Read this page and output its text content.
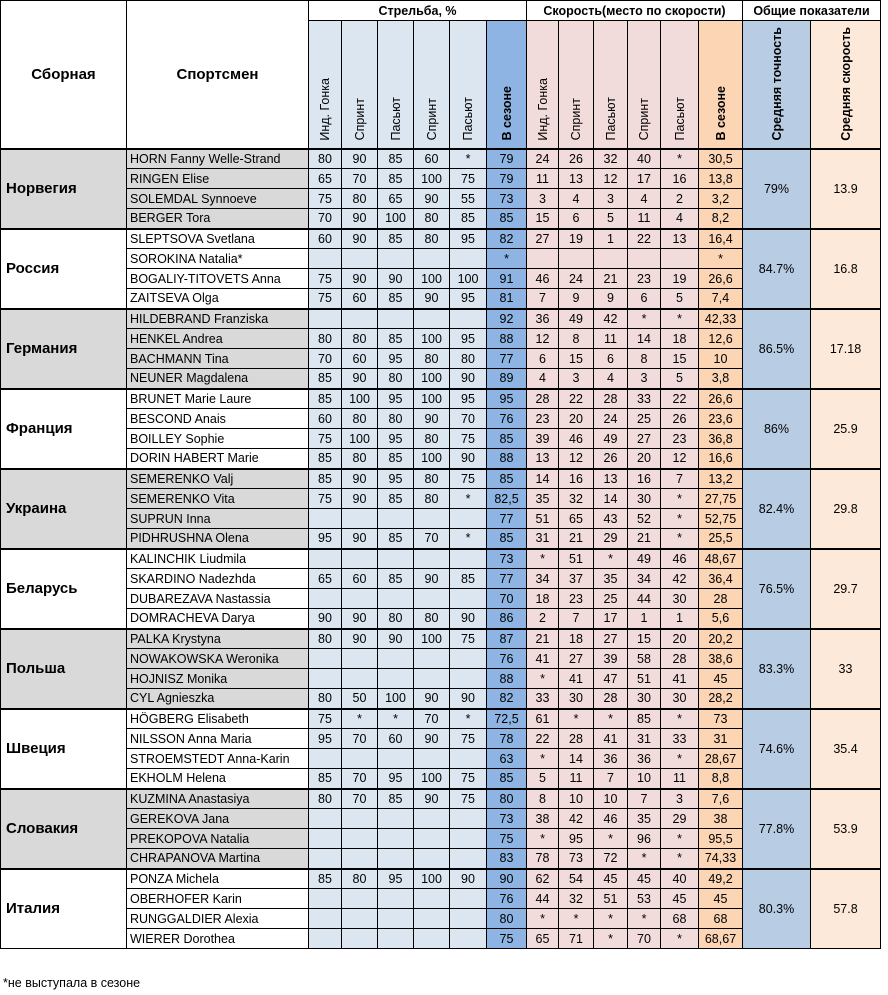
Сборная	Спортсмен	Стрельба, %						Скорость(место по скорости)						Общие показатели	
		Инд. Гонка	Спринт	Пасьют	Спринт	Пасьют	В сезоне	Инд. Гонка	Спринт	Пасьют	Спринт	Пасьют	В сезоне	Средняя точность	Средняя скорость
Норвегия	HORN Fanny Welle-Strand	80	90	85	60	*	79	24	26	32	40	*	30,5	79%	13.9
	RINGEN Elise	65	70	85	100	75	79	11	13	12	17	16	13,8		
	SOLEMDAL Synnoeve	75	80	65	90	55	73	3	4	3	4	2	3,2		
	BERGER Tora	70	90	100	80	85	85	15	6	5	11	4	8,2		
Россия	SLEPTSOVA Svetlana	60	90	85	80	95	82	27	19	1	22	13	16,4	84.7%	16.8
	SOROKINA Natalia*						*						*		
	BOGALIY-TITOVETS Anna	75	90	90	100	100	91	46	24	21	23	19	26,6		
	ZAITSEVA Olga	75	60	85	90	95	81	7	9	9	6	5	7,4		
Германия	HILDEBRAND Franziska						92	36	49	42	*	*	42,33	86.5%	17.18
	HENKEL Andrea	80	80	85	100	95	88	12	8	11	14	18	12,6		
	BACHMANN Tina	70	60	95	80	80	77	6	15	6	8	15	10		
	NEUNER Magdalena	85	90	80	100	90	89	4	3	4	3	5	3,8		
Франция	BRUNET Marie Laure	85	100	95	100	95	95	28	22	28	33	22	26,6	86%	25.9
	BESCOND Anais	60	80	80	90	70	76	23	20	24	25	26	23,6		
	BOILLEY Sophie	75	100	95	80	75	85	39	46	49	27	23	36,8		
	DORIN HABERT Marie	85	80	85	100	90	88	13	12	26	20	12	16,6		
Украина	SEMERENKO Valj	85	90	95	80	75	85	14	16	13	16	7	13,2	82.4%	29.8
	SEMERENKO Vita	75	90	85	80	*	82,5	35	32	14	30	*	27,75		
	SUPRUN Inna						77	51	65	43	52	*	52,75		
	PIDHRUSHNA Olena	95	90	85	70	*	85	31	21	29	21	*	25,5		
Беларусь	KALINCHIK Liudmila						73	*	51	*	49	46	48,67	76.5%	29.7
	SKARDINO Nadezhda	65	60	85	90	85	77	34	37	35	34	42	36,4		
	DUBAREZAVA Nastassia						70	18	23	25	44	30	28		
	DOMRACHEVA Darya	90	90	80	80	90	86	2	7	17	1	1	5,6		
Польша	PALKA Krystyna	80	90	90	100	75	87	21	18	27	15	20	20,2	83.3%	33
	NOWAKOWSKA Weronika						76	41	27	39	58	28	38,6		
	HOJNISZ Monika						88	*	41	47	51	41	45		
	CYL Agnieszka	80	50	100	90	90	82	33	30	28	30	30	28,2		
Швеция	HÖGBERG Elisabeth	75	*	*	70	*	72,5	61	*	*	85	*	73	74.6%	35.4
	NILSSON Anna Maria	95	70	60	90	75	78	22	28	41	31	33	31		
	STROEMSTEDT Anna-Karin						63	*	14	36	36	*	28,67		
	EKHOLM Helena	85	70	95	100	75	85	5	11	7	10	11	8,8		
Словакия	KUZMINA Anastasiya	80	70	85	90	75	80	8	10	10	7	3	7,6	77.8%	53.9
	GEREKOVA Jana						73	38	42	46	35	29	38		
	PREKOPOVA Natalia						75	*	95	*	96	*	95,5		
	CHRAPANOVA Martina						83	78	73	72	*	*	74,33		
Италия	PONZA Michela	85	80	95	100	90	90	62	54	45	45	40	49,2	80.3%	57.8
	OBERHOFER Karin						76	44	32	51	53	45	45		
	RUNGGALDIER Alexia						80	*	*	*	*	68	68		
	WIERER Dorothea						75	65	71	*	70	*	68,67		
*не выступала в сезоне
